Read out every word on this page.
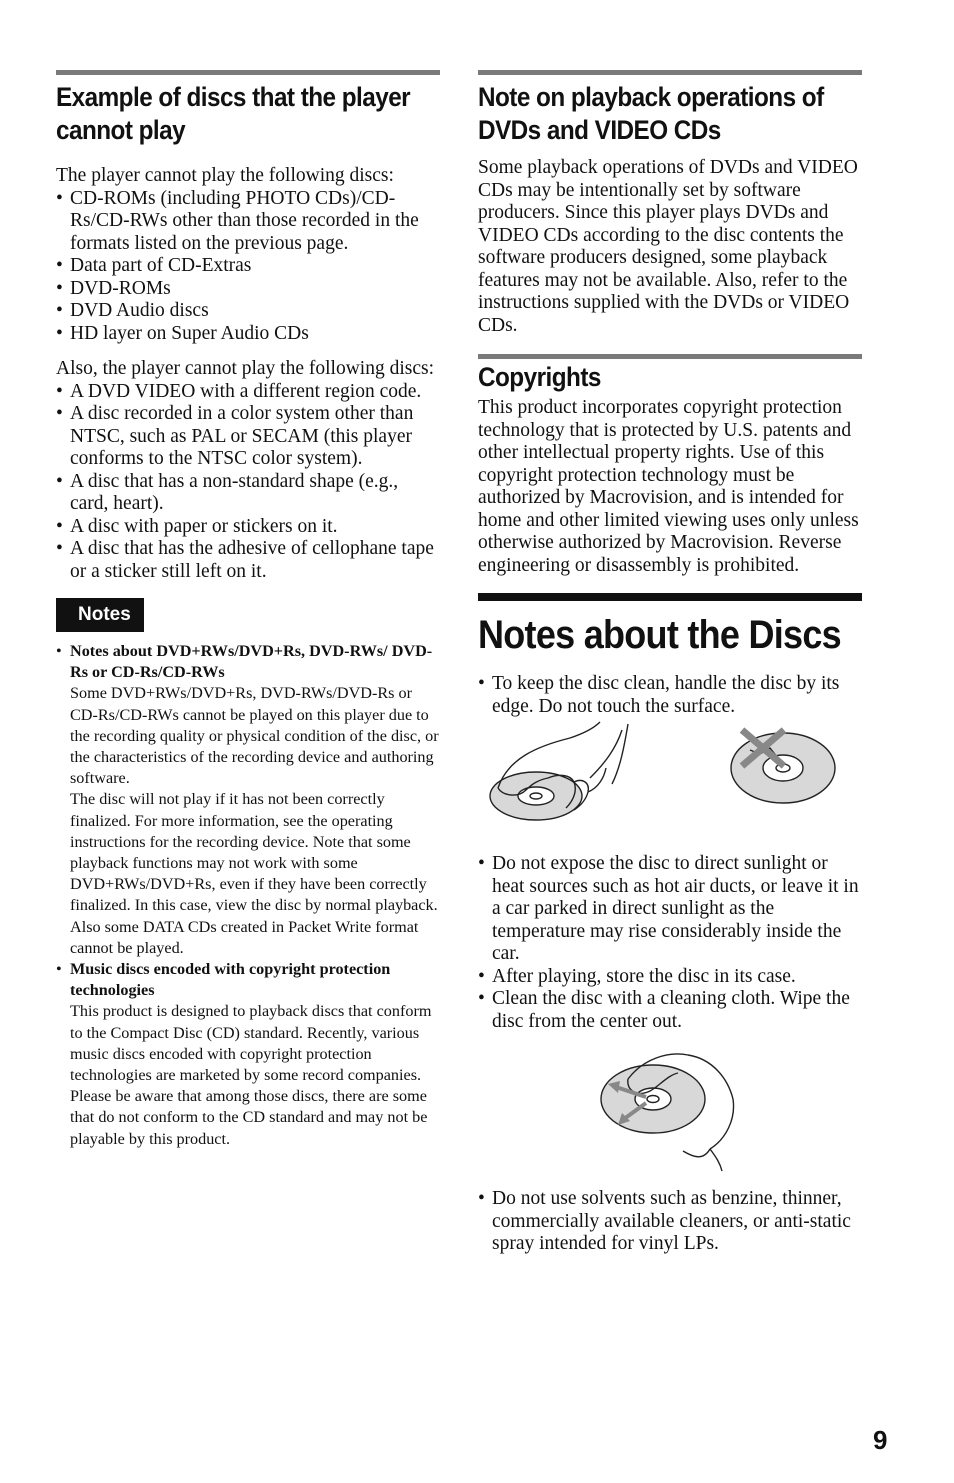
Example of discs that the player cannot play

The player cannot play the following discs:

• CD-ROMs (including PHOTO CDs)/CD-Rs/CD-RWs other than those recorded in the formats listed on the previous page.
• Data part of CD-Extras
• DVD-ROMs
• DVD Audio discs
• HD layer on Super Audio CDs

Also, the player cannot play the following discs:

• A DVD VIDEO with a different region code.
• A disc recorded in a color system other than NTSC, such as PAL or SECAM (this player conforms to the NTSC color system).
• A disc that has a non-standard shape (e.g., card, heart).
• A disc with paper or stickers on it.
• A disc that has the adhesive of cellophane tape or a sticker still left on it.
Notes
• Notes about DVD+RWs/DVD+Rs, DVD-RWs/ DVD-Rs or CD-Rs/CD-RWs
Some DVD+RWs/DVD+Rs, DVD-RWs/DVD-Rs or CD-Rs/CD-RWs cannot be played on this player due to the recording quality or physical condition of the disc, or the characteristics of the recording device and authoring software.
The disc will not play if it has not been correctly finalized. For more information, see the operating instructions for the recording device. Note that some playback functions may not work with some DVD+RWs/DVD+Rs, even if they have been correctly finalized. In this case, view the disc by normal playback. Also some DATA CDs created in Packet Write format cannot be played.
• Music discs encoded with copyright protection technologies
This product is designed to playback discs that conform to the Compact Disc (CD) standard. Recently, various music discs encoded with copyright protection technologies are marketed by some record companies. Please be aware that among those discs, there are some that do not conform to the CD standard and may not be playable by this product.
Note on playback operations of DVDs and VIDEO CDs

Some playback operations of DVDs and VIDEO CDs may be intentionally set by software producers. Since this player plays DVDs and VIDEO CDs according to the disc contents the software producers designed, some playback features may not be available. Also, refer to the instructions supplied with the DVDs or VIDEO CDs.

Copyrights

This product incorporates copyright protection technology that is protected by U.S. patents and other intellectual property rights. Use of this copyright protection technology must be authorized by Macrovision, and is intended for home and other limited viewing uses only unless otherwise authorized by Macrovision. Reverse engineering or disassembly is prohibited.

Notes about the Discs
• To keep the disc clean, handle the disc by its edge. Do not touch the surface.
• Do not expose the disc to direct sunlight or heat sources such as hot air ducts, or leave it in a car parked in direct sunlight as the temperature may rise considerably inside the car.
• After playing, store the disc in its case.
• Clean the disc with a cleaning cloth. Wipe the disc from the center out.
• Do not use solvents such as benzine, thinner, commercially available cleaners, or anti-static spray intended for vinyl LPs.
9
